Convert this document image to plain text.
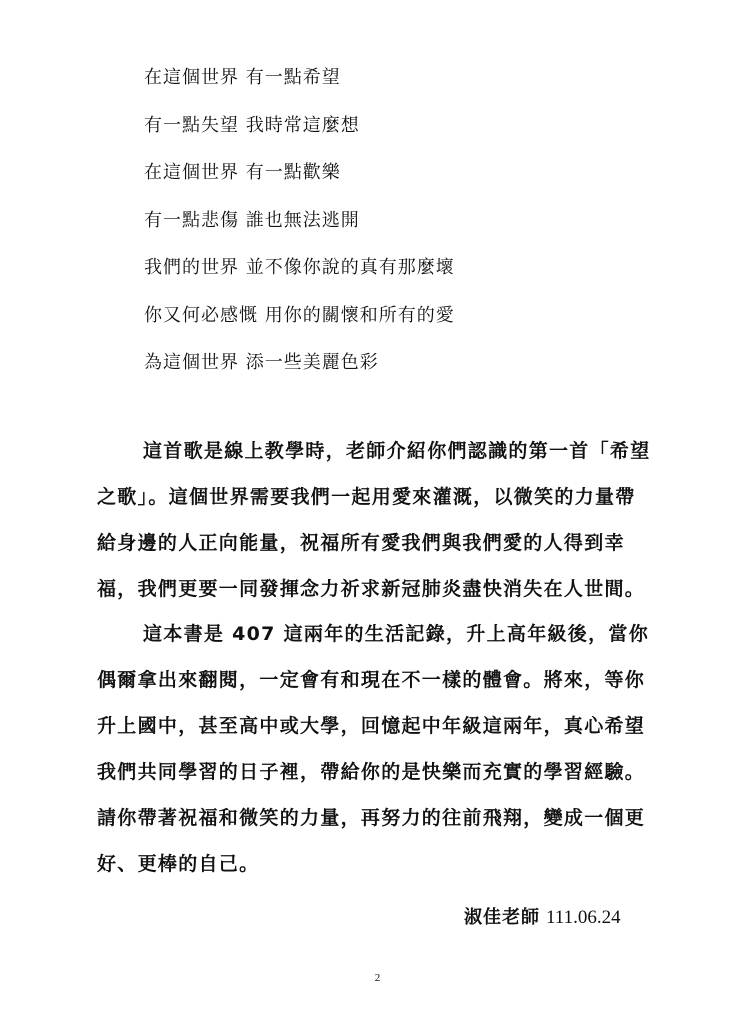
在這個世界 有一點希望
有一點失望 我時常這麼想
在這個世界 有一點歡樂
有一點悲傷 誰也無法逃開
我們的世界 並不像你說的真有那麼壞
你又何必感慨 用你的關懷和所有的愛
為這個世界 添一些美麗色彩
這首歌是線上教學時，老師介紹你們認識的第一首「希望
之歌」。這個世界需要我們一起用愛來灌溉，以微笑的力量帶
給身邊的人正向能量，祝福所有愛我們與我們愛的人得到幸
福，我們更要一同發揮念力祈求新冠肺炎盡快消失在人世間。
這本書是 407 這兩年的生活記錄，升上高年級後，當你
偶爾拿出來翻閱，一定會有和現在不一樣的體會。將來，等你
升上國中，甚至高中或大學，回憶起中年級這兩年，真心希望
我們共同學習的日子裡，帶給你的是快樂而充實的學習經驗。
請你帶著祝福和微笑的力量，再努力的往前飛翔，變成一個更
好、更棒的自己。
淑佳老師 111.06.24
2
